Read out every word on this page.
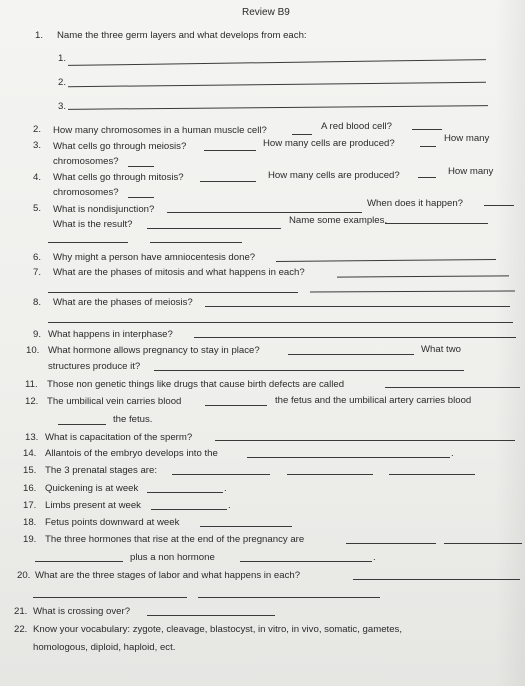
Review B9
1. Name the three germ layers and what develops from each:
1.
2.
3.
2. How many chromosomes in a human muscle cell?	A red blood cell?
3. What cells go through meiosis?	How many cells are produced?	How many
chromosomes?
4. What cells go through mitosis?	How many cells are produced?	How many
chromosomes?
5. What is nondisjunction?
When does it happen?
What is the result?	Name some examples.
6. Why might a person have amniocentesis done?
7. What are the phases of mitosis and what happens in each?
8. What are the phases of meiosis?
9. What happens in interphase?
10. What hormone allows pregnancy to stay in place?	What two
structures produce it?
11. Those non genetic things like drugs that cause birth defects are called
12. The umbilical vein carries blood	the fetus and the umbilical artery carries blood
the fetus.
13. What is capacitation of the sperm?
14. Allantois of the embryo develops into the	.
15. The 3 prenatal stages are:
16. Quickening is at week	.
17. Limbs present at week	.
18. Fetus points downward at week
19. The three hormones that rise at the end of the pregnancy are
plus a non hormone	.
20. What are the three stages of labor and what happens in each?
21. What is crossing over?
22. Know your vocabulary: zygote, cleavage, blastocyst, in vitro, in vivo, somatic, gametes,
homologous, diploid, haploid, ect.
